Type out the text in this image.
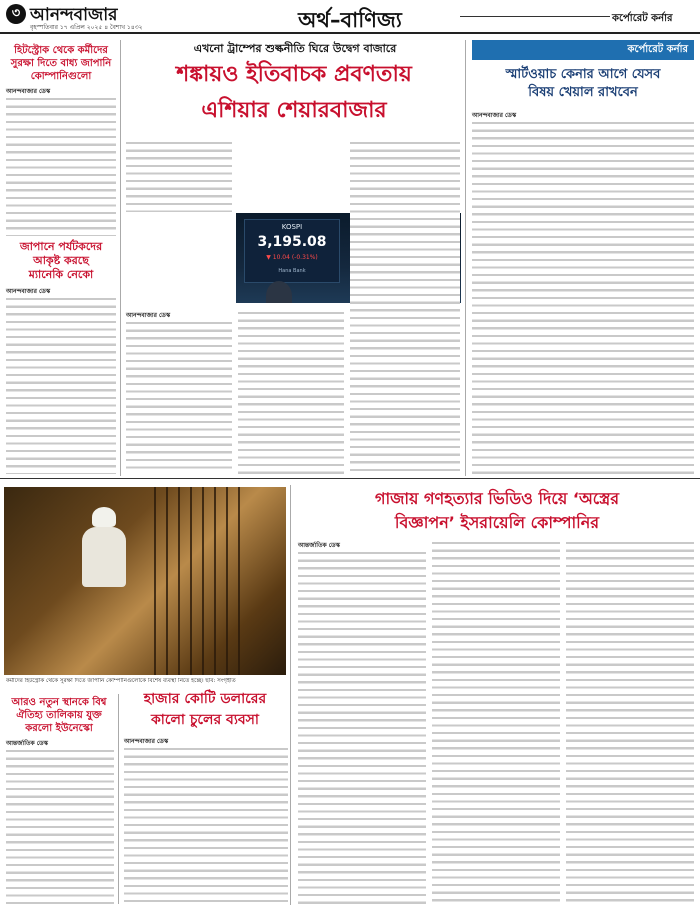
৩ আনন্দবাজার
বৃহস্পতিবার ১৭ এপ্রিল ২০২৫ ৪ বৈশাখ ১৪৩২	অর্থ–বাণিজ্য	কর্পোরেট কর্নার
এখনো ট্রাম্পের শুল্কনীতি ঘিরে উদ্বেগ বাজারে
শঙ্কায়ও ইতিবাচক প্রবণতায়
এশিয়ার শেয়ারবাজার
হিটস্ট্রোক থেকে কর্মীদের
সুরক্ষা দিতে বাধ্য জাপানি
কোম্পানিগুলো
আনন্দবাজার ডেস্ক
জাপানে পর্যটকদের
আকৃষ্ট করছে
ম্যানেকি নেকো
আনন্দবাজার ডেস্ক
KOSPI
3,195.08
▼ 10.04 (-0.31%)
Hana Bank
আনন্দবাজার ডেস্ক
কর্পোরেট কর্নার
স্মার্টওয়াচ কেনার আগে যেসব
বিষয় খেয়াল রাখবেন
আনন্দবাজার ডেস্ক
কর্মীদের হিটস্ট্রোক থেকে সুরক্ষা দিতে জাপানি কোম্পানিগুলোকে বিশেষ ব্যবস্থা নিতে হচ্ছে। ছবি: সংগৃহীত
গাজায় গণহত্যার ভিডিও দিয়ে ‘অস্ত্রের
বিজ্ঞাপন’ ইসরায়েলি কোম্পানির
আন্তর্জাতিক ডেস্ক
আরও নতুন স্থানকে বিশ্ব
ঐতিহ্য তালিকায় যুক্ত
করলো ইউনেস্কো
আন্তর্জাতিক ডেস্ক
হাজার কোটি ডলারের
কালো চুলের ব্যবসা
আনন্দবাজার ডেস্ক
